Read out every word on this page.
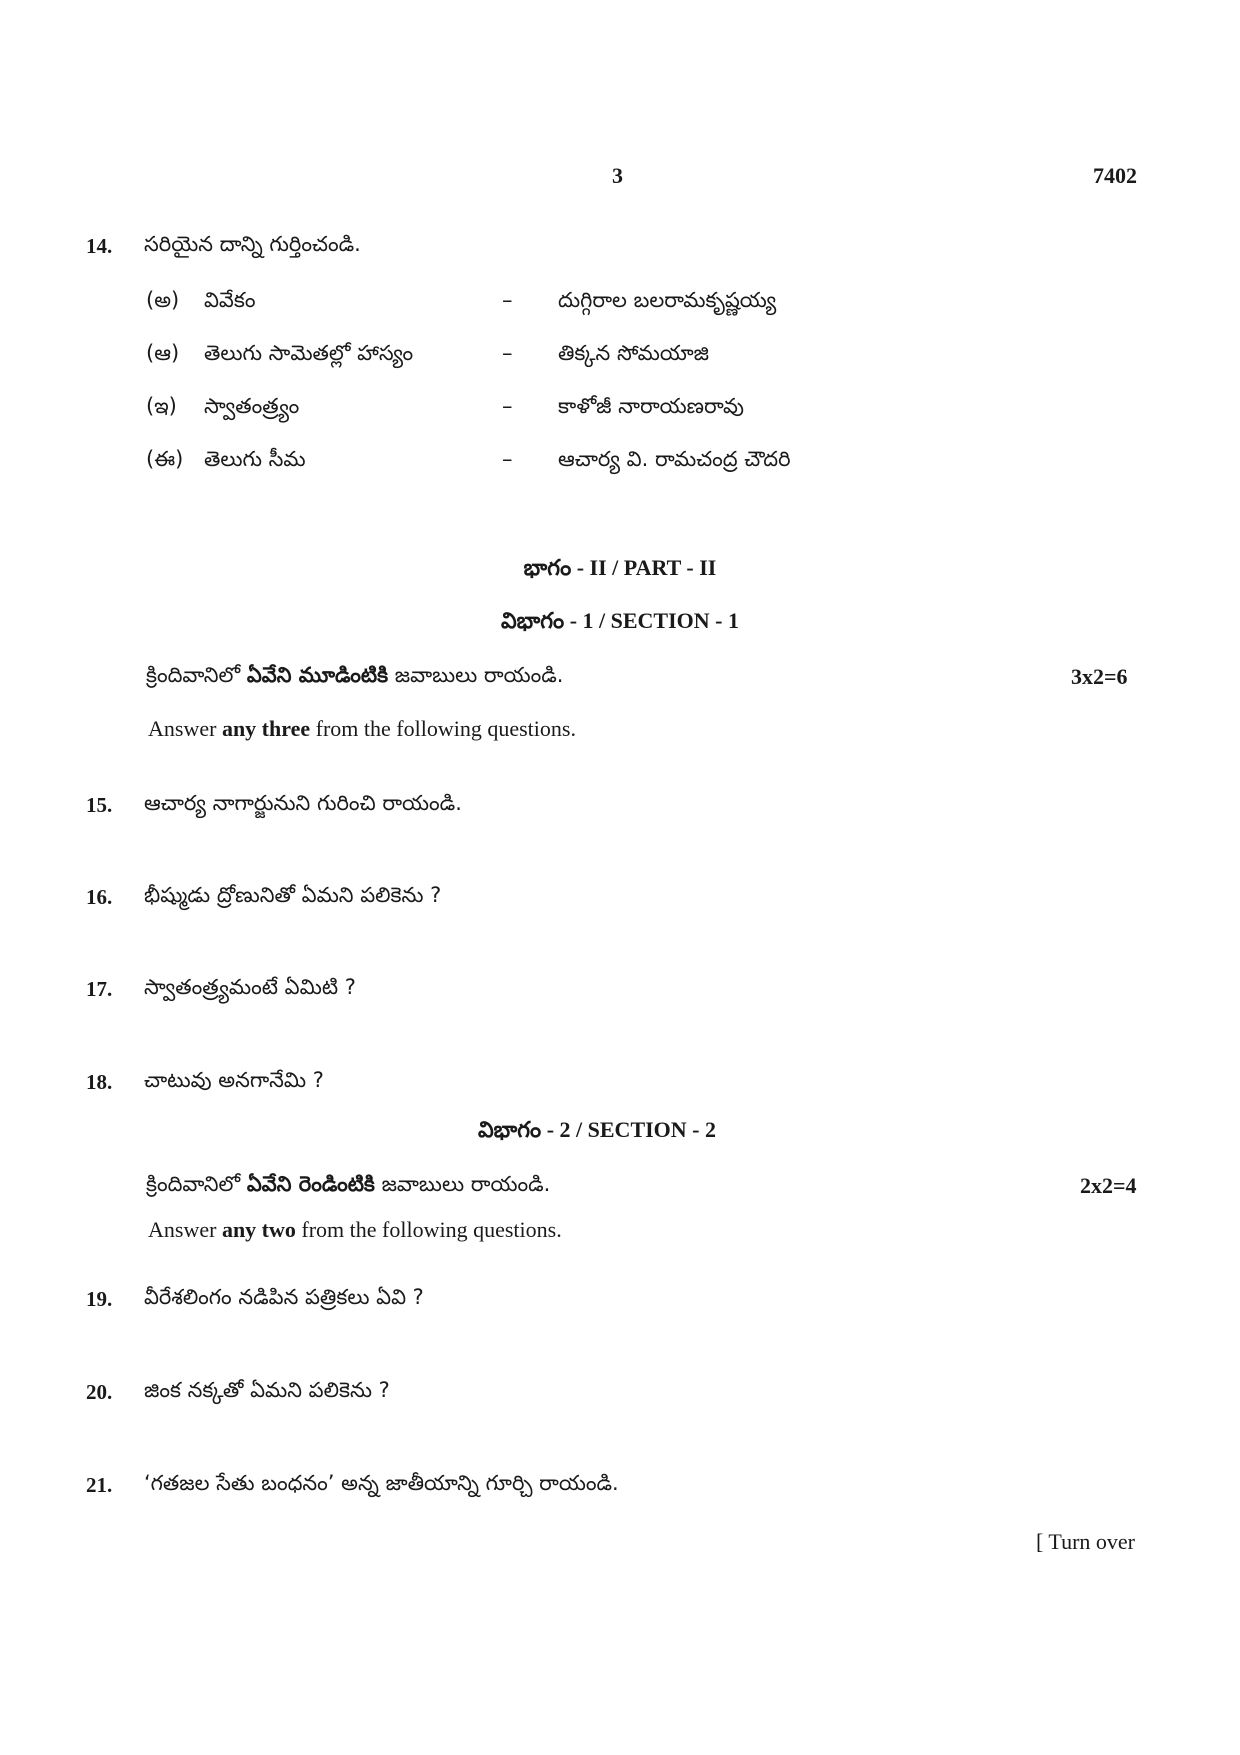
3	7402
14. సరియైన దాన్ని గుర్తించండి.
(అ) వివేకం	– దుగ్గిరాల బలరామకృష్ణయ్య
(ఆ) తెలుగు సామెతల్లో హాస్యం	– తిక్కన సోమయాజి
(ఇ) స్వాతంత్ర్యం	– కాళోజీ నారాయణరావు
(ఈ) తెలుగు సీమ	– ఆచార్య వి. రామచంద్ర చౌదరి
భాగం - II / PART - II
విభాగం - 1 / SECTION - 1
క్రిందివానిలో ఏవేని మూడింటికి జవాబులు రాయండి.	3x2=6
Answer any three from the following questions.
15. ఆచార్య నాగార్జునుని గురించి రాయండి.
16. భీష్ముడు ద్రోణునితో ఏమని పలికెను ?
17. స్వాతంత్ర్యమంటే ఏమిటి ?
18. చాటువు అనగానేమి ?
విభాగం - 2 / SECTION - 2
క్రిందివానిలో ఏవేని రెండింటికి జవాబులు రాయండి.	2x2=4
Answer any two from the following questions.
19. వీరేశలింగం నడిపిన పత్రికలు ఏవి ?
20. జింక నక్కతో ఏమని పలికెను ?
21. ‘గతజల సేతు బంధనం’ అన్న జాతీయాన్ని గూర్చి రాయండి.
[ Turn over
